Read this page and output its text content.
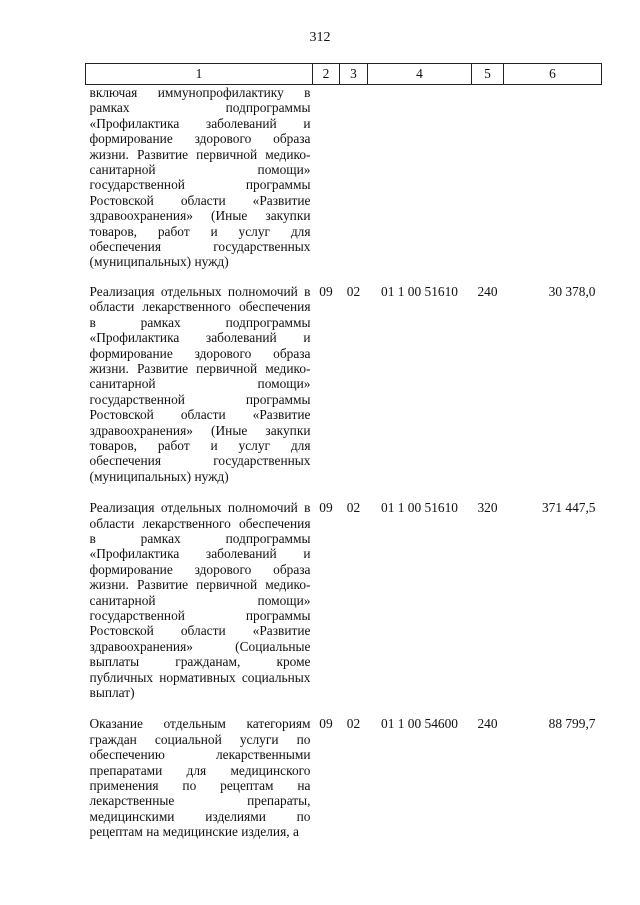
312
1	2	3	4	5	6
включая иммунопрофилактику в рамках подпрограммы «Профилактика заболеваний и формирование здорового образа жизни. Развитие первичной медико-санитарной помощи» государственной программы Ростовской области «Развитие здравоохранения» (Иные закупки товаров, работ и услуг для обеспечения государственных (муниципальных) нужд)					
Реализация отдельных полномочий в области лекарственного обеспечения в рамках подпрограммы «Профилактика заболеваний и формирование здорового образа жизни. Развитие первичной медико-санитарной помощи» государственной программы Ростовской области «Развитие здравоохранения» (Иные закупки товаров, работ и услуг для обеспечения государственных (муниципальных) нужд)	09	02	01 1 00 51610	240	30 378,0
Реализация отдельных полномочий в области лекарственного обеспечения в рамках подпрограммы «Профилактика заболеваний и формирование здорового образа жизни. Развитие первичной медико-санитарной помощи» государственной программы Ростовской области «Развитие здравоохранения» (Социальные выплаты гражданам, кроме публичных нормативных социальных выплат)	09	02	01 1 00 51610	320	371 447,5
Оказание отдельным категориям граждан социальной услуги по обеспечению лекарственными препаратами для медицинского применения по рецептам на лекарственные препараты, медицинскими изделиями по рецептам на медицинские изделия, а	09	02	01 1 00 54600	240	88 799,7
